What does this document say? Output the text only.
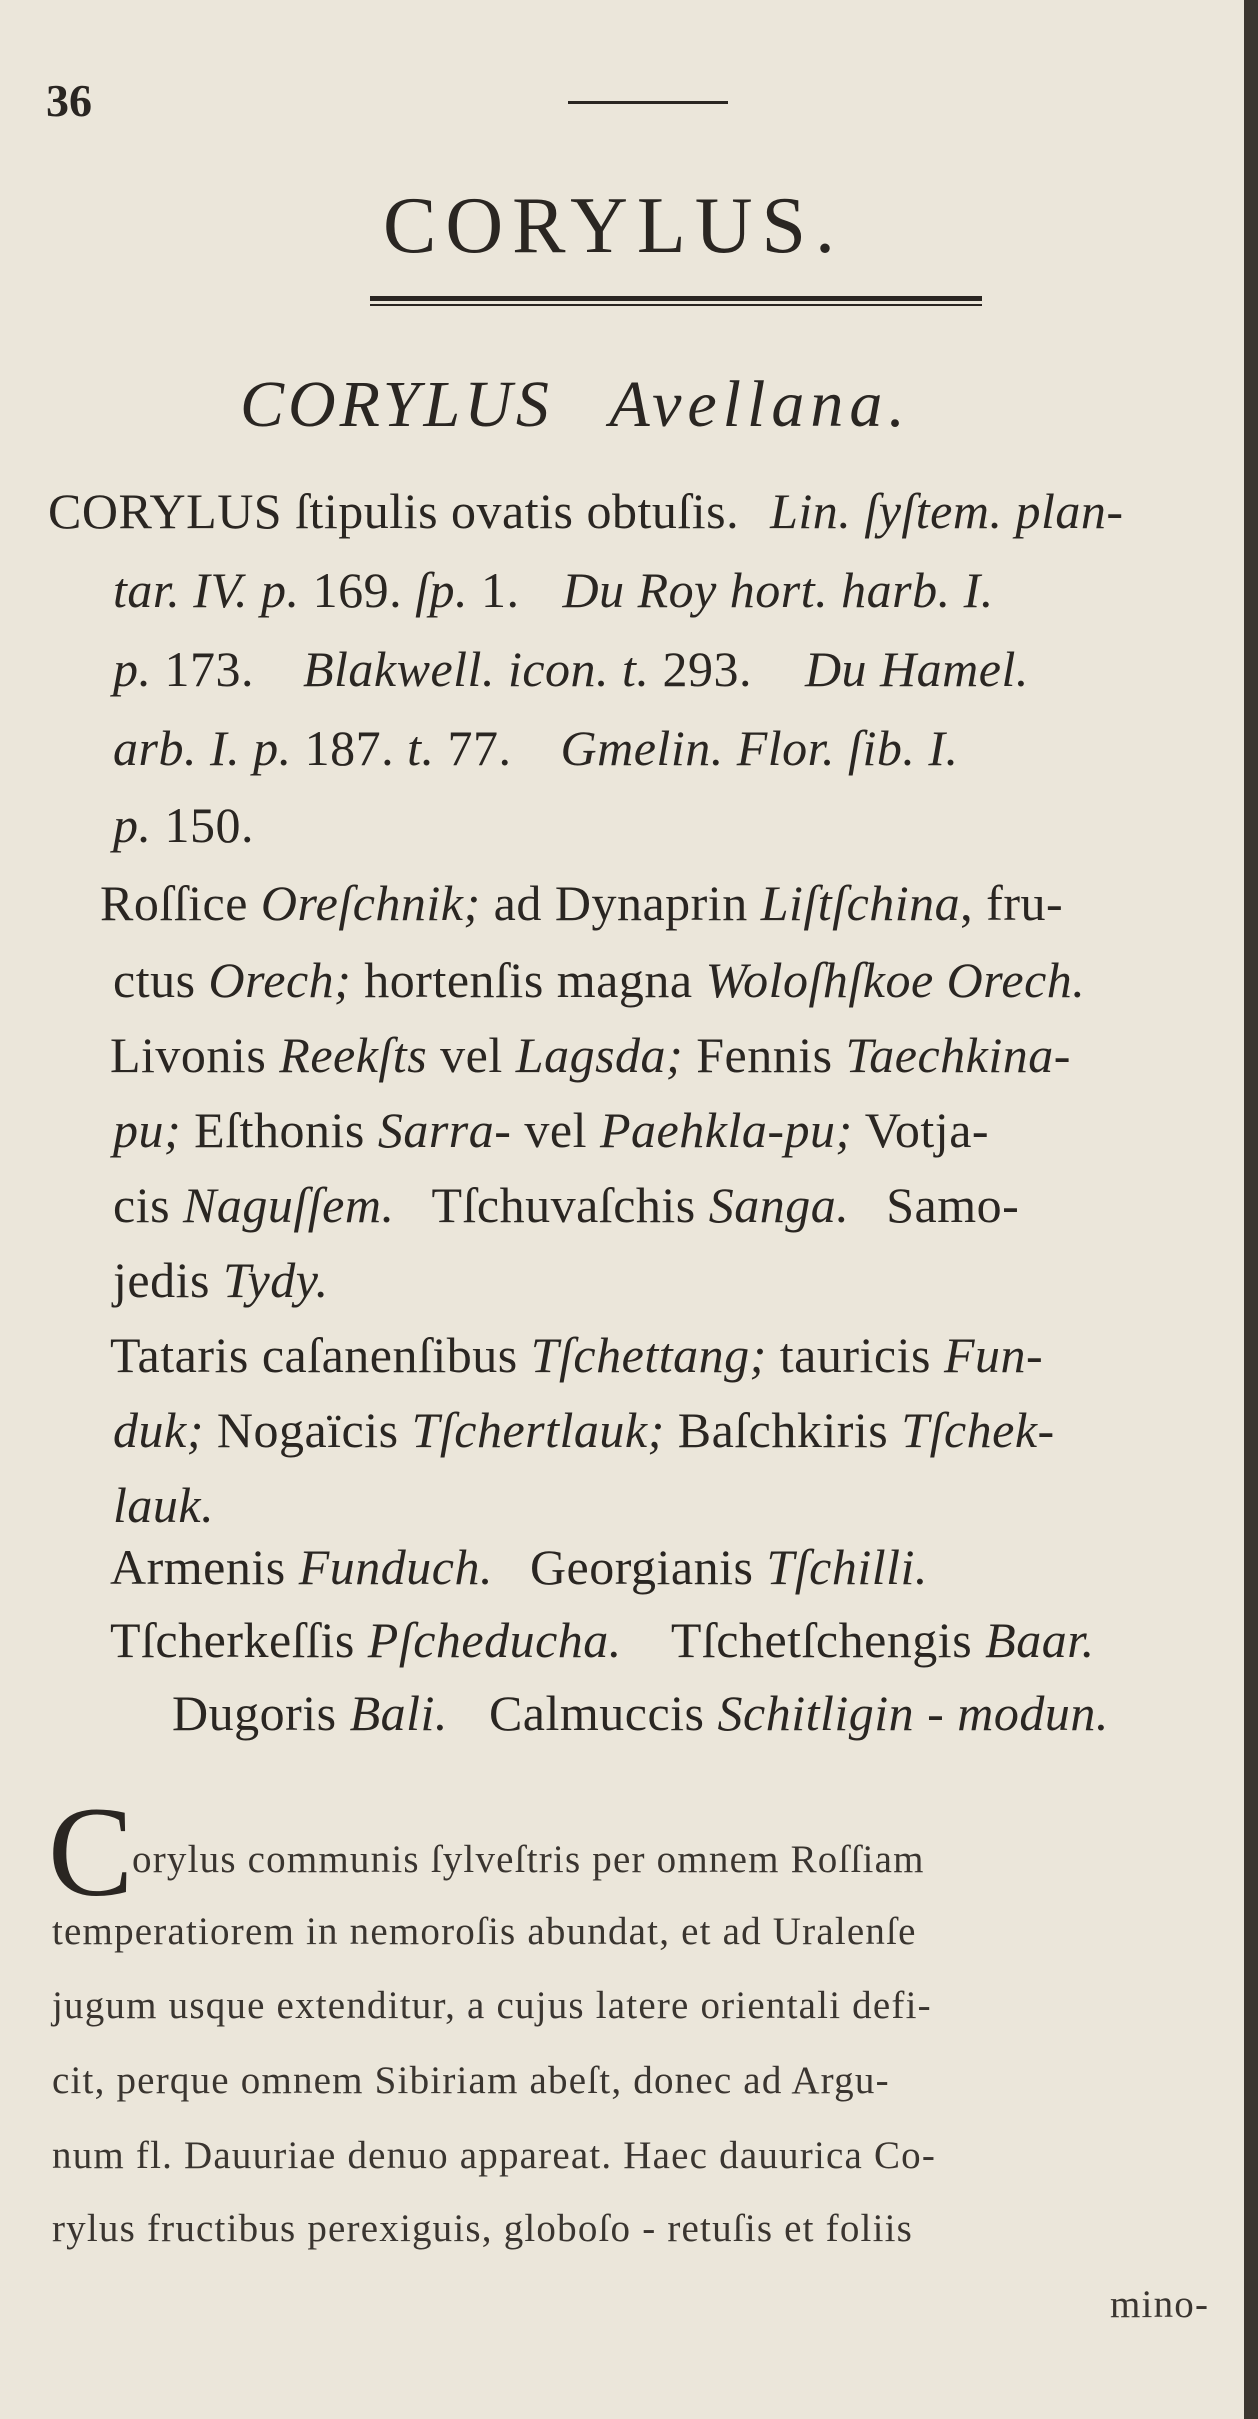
36
CORYLUS.
CORYLUS Avellana.
CORYLUS ſtipulis ovatis obtuſis. Lin. ſyſtem. plan-
tar. IV. p. 169. ſp. 1. Du Roy hort. harb. I.
p. 173. Blakwell. icon. t. 293. Du Hamel.
arb. I. p. 187. t. 77. Gmelin. Flor. ſib. I.
p. 150.
Roſſice Oreſchnik; ad Dynaprin Liſtſchina, fru-
ctus Orech; hortenſis magna Woloſhſkoe Orech.
Livonis Reekſts vel Lagsda; Fennis Taechkina-
pu; Eſthonis Sarra- vel Paehkla-pu; Votja-
cis Naguſſem. Tſchuvaſchis Sanga. Samo-
jedis Tydy.
Tataris caſanenſibus Tſchettang; tauricis Fun-
duk; Nogaïcis Tſchertlauk; Baſchkiris Tſchek-
lauk.
Armenis Funduch. Georgianis Tſchilli.
Tſcherkeſſis Pſcheducha. Tſchetſchengis Baar.
Dugoris Bali. Calmuccis Schitligin - modun.
C
orylus communis ſylveſtris per omnem Roſſiam
temperatiorem in nemoroſis abundat, et ad Uralenſe
jugum usque extenditur, a cujus latere orientali defi-
cit, perque omnem Sibiriam abeſt, donec ad Argu-
num fl. Dauuriae denuo appareat. Haec dauurica Co-
rylus fructibus perexiguis, globoſo - retuſis et foliis
mino-
